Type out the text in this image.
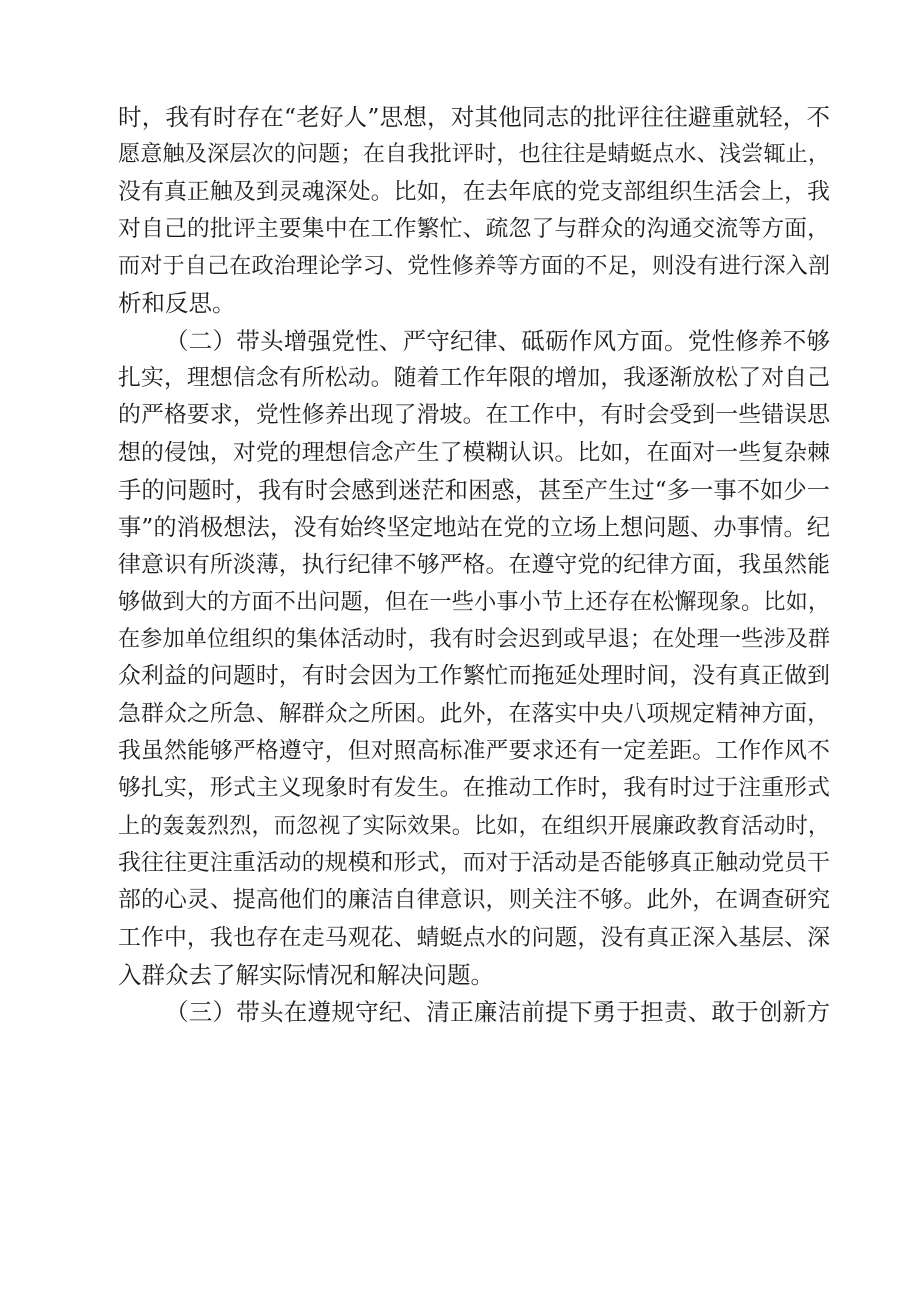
时，我有时存在“老好人”思想，对其他同志的批评往往避重就轻，不
愿意触及深层次的问题；在自我批评时，也往往是蜻蜓点水、浅尝辄止，
没有真正触及到灵魂深处。比如，在去年底的党支部组织生活会上，我
对自己的批评主要集中在工作繁忙、疏忽了与群众的沟通交流等方面，
而对于自己在政治理论学习、党性修养等方面的不足，则没有进行深入剖
析和反思。
（二）带头增强党性、严守纪律、砥砺作风方面。党性修养不够
扎实，理想信念有所松动。随着工作年限的增加，我逐渐放松了对自己
的严格要求，党性修养出现了滑坡。在工作中，有时会受到一些错误思
想的侵蚀，对党的理想信念产生了模糊认识。比如，在面对一些复杂棘
手的问题时，我有时会感到迷茫和困惑，甚至产生过“多一事不如少一
事”的消极想法，没有始终坚定地站在党的立场上想问题、办事情。纪
律意识有所淡薄，执行纪律不够严格。在遵守党的纪律方面，我虽然能
够做到大的方面不出问题，但在一些小事小节上还存在松懈现象。比如，
在参加单位组织的集体活动时，我有时会迟到或早退；在处理一些涉及群
众利益的问题时，有时会因为工作繁忙而拖延处理时间，没有真正做到
急群众之所急、解群众之所困。此外，在落实中央八项规定精神方面，
我虽然能够严格遵守，但对照高标准严要求还有一定差距。工作作风不
够扎实，形式主义现象时有发生。在推动工作时，我有时过于注重形式
上的轰轰烈烈，而忽视了实际效果。比如，在组织开展廉政教育活动时，
我往往更注重活动的规模和形式，而对于活动是否能够真正触动党员干
部的心灵、提高他们的廉洁自律意识，则关注不够。此外，在调查研究
工作中，我也存在走马观花、蜻蜓点水的问题，没有真正深入基层、深
入群众去了解实际情况和解决问题。
（三）带头在遵规守纪、清正廉洁前提下勇于担责、敢于创新方
